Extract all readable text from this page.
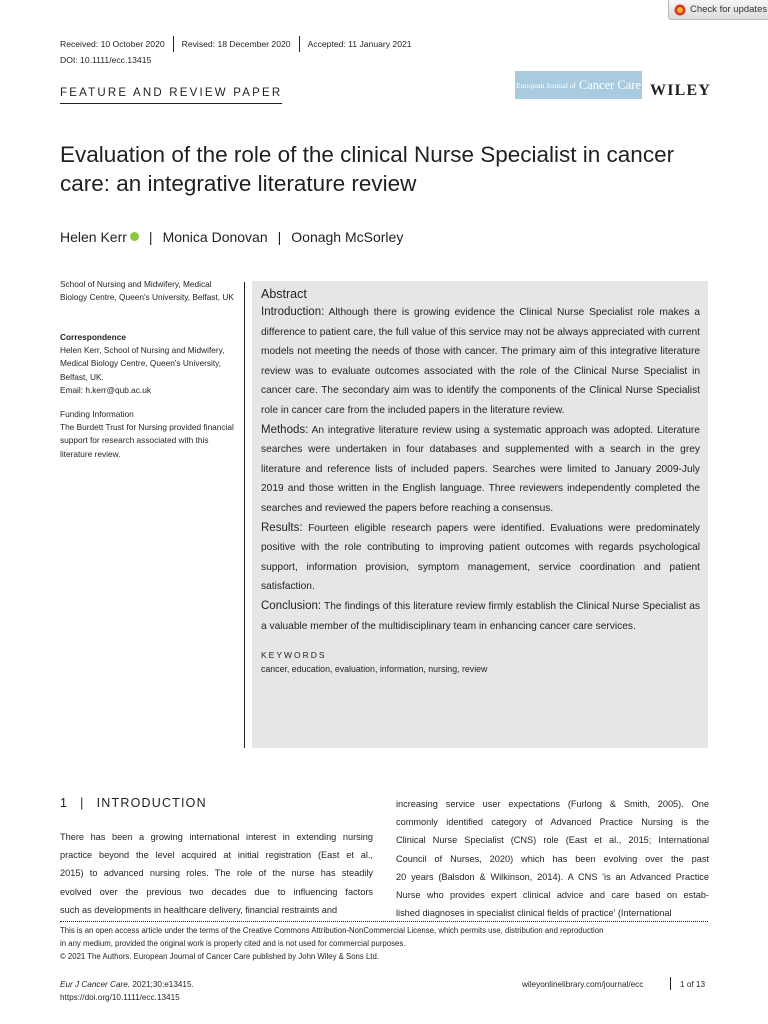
Check for updates
Received: 10 October 2020	Revised: 18 December 2020	Accepted: 11 January 2021
DOI: 10.1111/ecc.13415
FEATURE AND REVIEW PAPER
European Journal of Cancer Care WILEY
Evaluation of the role of the clinical Nurse Specialist in cancer care: an integrative literature review
Helen Kerr | Monica Donovan | Oonagh McSorley
School of Nursing and Midwifery, Medical Biology Centre, Queen's University, Belfast, UK
Correspondence
Helen Kerr, School of Nursing and Midwifery, Medical Biology Centre, Queen's University, Belfast, UK.
Email: h.kerr@qub.ac.uk
Funding Information
The Burdett Trust for Nursing provided financial support for research associated with this literature review.
Abstract

Introduction: Although there is growing evidence the Clinical Nurse Specialist role makes a difference to patient care, the full value of this service may not be always appreciated with current models not meeting the needs of those with cancer. The primary aim of this integrative literature review was to evaluate outcomes associated with the role of the Clinical Nurse Specialist in cancer care. The secondary aim was to identify the components of the Clinical Nurse Specialist role in cancer care from the included papers in the literature review.

Methods: An integrative literature review using a systematic approach was adopted. Literature searches were undertaken in four databases and supplemented with a search in the grey literature and reference lists of included papers. Searches were limited to January 2009-July 2019 and those written in the English language. Three reviewers independently completed the searches and reviewed the papers before reaching a consensus.

Results: Fourteen eligible research papers were identified. Evaluations were predominately positive with the role contributing to improving patient outcomes with regards psychological support, information provision, symptom management, service coordination and patient satisfaction.

Conclusion: The findings of this literature review firmly establish the Clinical Nurse Specialist as a valuable member of the multidisciplinary team in enhancing cancer care services.

KEYWORDS
cancer, education, evaluation, information, nursing, review
1 | INTRODUCTION
There has been a growing international interest in extending nursing
practice beyond the level acquired at initial registration (East et al.,
2015) to advanced nursing roles. The role of the nurse has steadily
evolved over the previous two decades due to influencing factors
such as developments in healthcare delivery, financial restraints and
increasing service user expectations (Furlong & Smith, 2005). One
commonly identified category of Advanced Practice Nursing is the
Clinical Nurse Specialist (CNS) role (East et al., 2015; International
Council of Nurses, 2020) which has been evolving over the past
20 years (Balsdon & Wilkinson, 2014). A CNS 'is an Advanced Practice
Nurse who provides expert clinical advice and care based on estab-
lished diagnoses in specialist clinical fields of practice' (International
This is an open access article under the terms of the Creative Commons Attribution-NonCommercial License, which permits use, distribution and reproduction
in any medium, provided the original work is properly cited and is not used for commercial purposes.
© 2021 The Authors. European Journal of Cancer Care published by John Wiley & Sons Ltd.
Eur J Cancer Care. 2021;30:e13415.
https://doi.org/10.1111/ecc.13415
wileyonlinelibrary.com/journal/ecc	1 of 13
